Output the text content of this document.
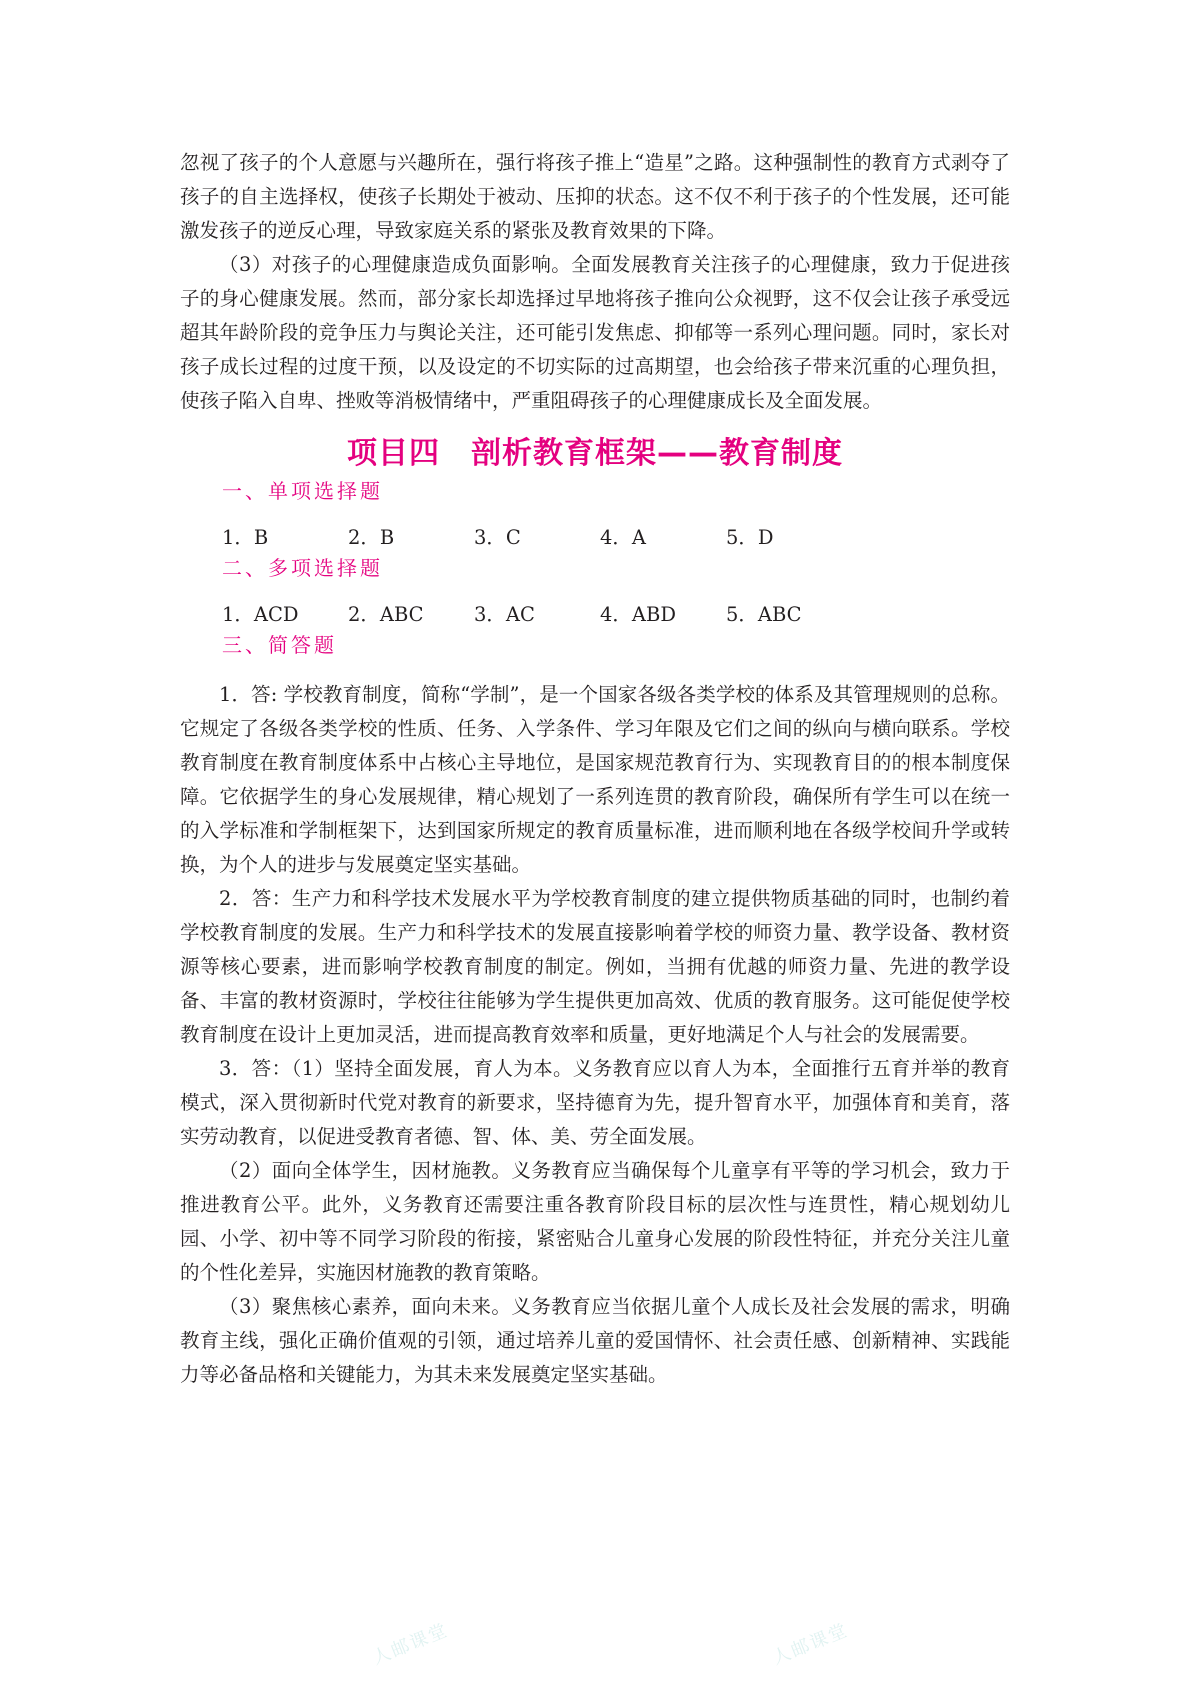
忽视了孩子的个人意愿与兴趣所在，强行将孩子推上“造星”之路。这种强制性的教育方式剥夺了孩子的自主选择权，使孩子长期处于被动、压抑的状态。这不仅不利于孩子的个性发展，还可能激发孩子的逆反心理，导致家庭关系的紧张及教育效果的下降。

（3）对孩子的心理健康造成负面影响。全面发展教育关注孩子的心理健康，致力于促进孩子的身心健康发展。然而，部分家长却选择过早地将孩子推向公众视野，这不仅会让孩子承受远超其年龄阶段的竞争压力与舆论关注，还可能引发焦虑、抑郁等一系列心理问题。同时，家长对孩子成长过程的过度干预，以及设定的不切实际的过高期望，也会给孩子带来沉重的心理负担，使孩子陷入自卑、挫败等消极情绪中，严重阻碍孩子的心理健康成长及全面发展。

项目四　剖析教育框架——教育制度
一、单项选择题
1．B	2．B	3．C	4．A	5．D
二、多项选择题
1．ACD	2．ABC	3．AC	4．ABD	5．ABC
三、简答题

1．答: 学校教育制度，简称“学制”，是一个国家各级各类学校的体系及其管理规则的总称。它规定了各级各类学校的性质、任务、入学条件、学习年限及它们之间的纵向与横向联系。学校教育制度在教育制度体系中占核心主导地位，是国家规范教育行为、实现教育目的的根本制度保障。它依据学生的身心发展规律，精心规划了一系列连贯的教育阶段，确保所有学生可以在统一的入学标准和学制框架下，达到国家所规定的教育质量标准，进而顺利地在各级学校间升学或转换，为个人的进步与发展奠定坚实基础。

2．答：生产力和科学技术发展水平为学校教育制度的建立提供物质基础的同时，也制约着学校教育制度的发展。生产力和科学技术的发展直接影响着学校的师资力量、教学设备、教材资源等核心要素，进而影响学校教育制度的制定。例如，当拥有优越的师资力量、先进的教学设备、丰富的教材资源时，学校往往能够为学生提供更加高效、优质的教育服务。这可能促使学校教育制度在设计上更加灵活，进而提高教育效率和质量，更好地满足个人与社会的发展需要。

3．答：（1）坚持全面发展，育人为本。义务教育应以育人为本，全面推行五育并举的教育模式，深入贯彻新时代党对教育的新要求，坚持德育为先，提升智育水平，加强体育和美育，落实劳动教育，以促进受教育者德、智、体、美、劳全面发展。

（2）面向全体学生，因材施教。义务教育应当确保每个儿童享有平等的学习机会，致力于推进教育公平。此外，义务教育还需要注重各教育阶段目标的层次性与连贯性，精心规划幼儿园、小学、初中等不同学习阶段的衔接，紧密贴合儿童身心发展的阶段性特征，并充分关注儿童的个性化差异，实施因材施教的教育策略。

（3）聚焦核心素养，面向未来。义务教育应当依据儿童个人成长及社会发展的需求，明确教育主线，强化正确价值观的引领，通过培养儿童的爱国情怀、社会责任感、创新精神、实践能力等必备品格和关键能力，为其未来发展奠定坚实基础。

人邮课堂	人邮课堂
